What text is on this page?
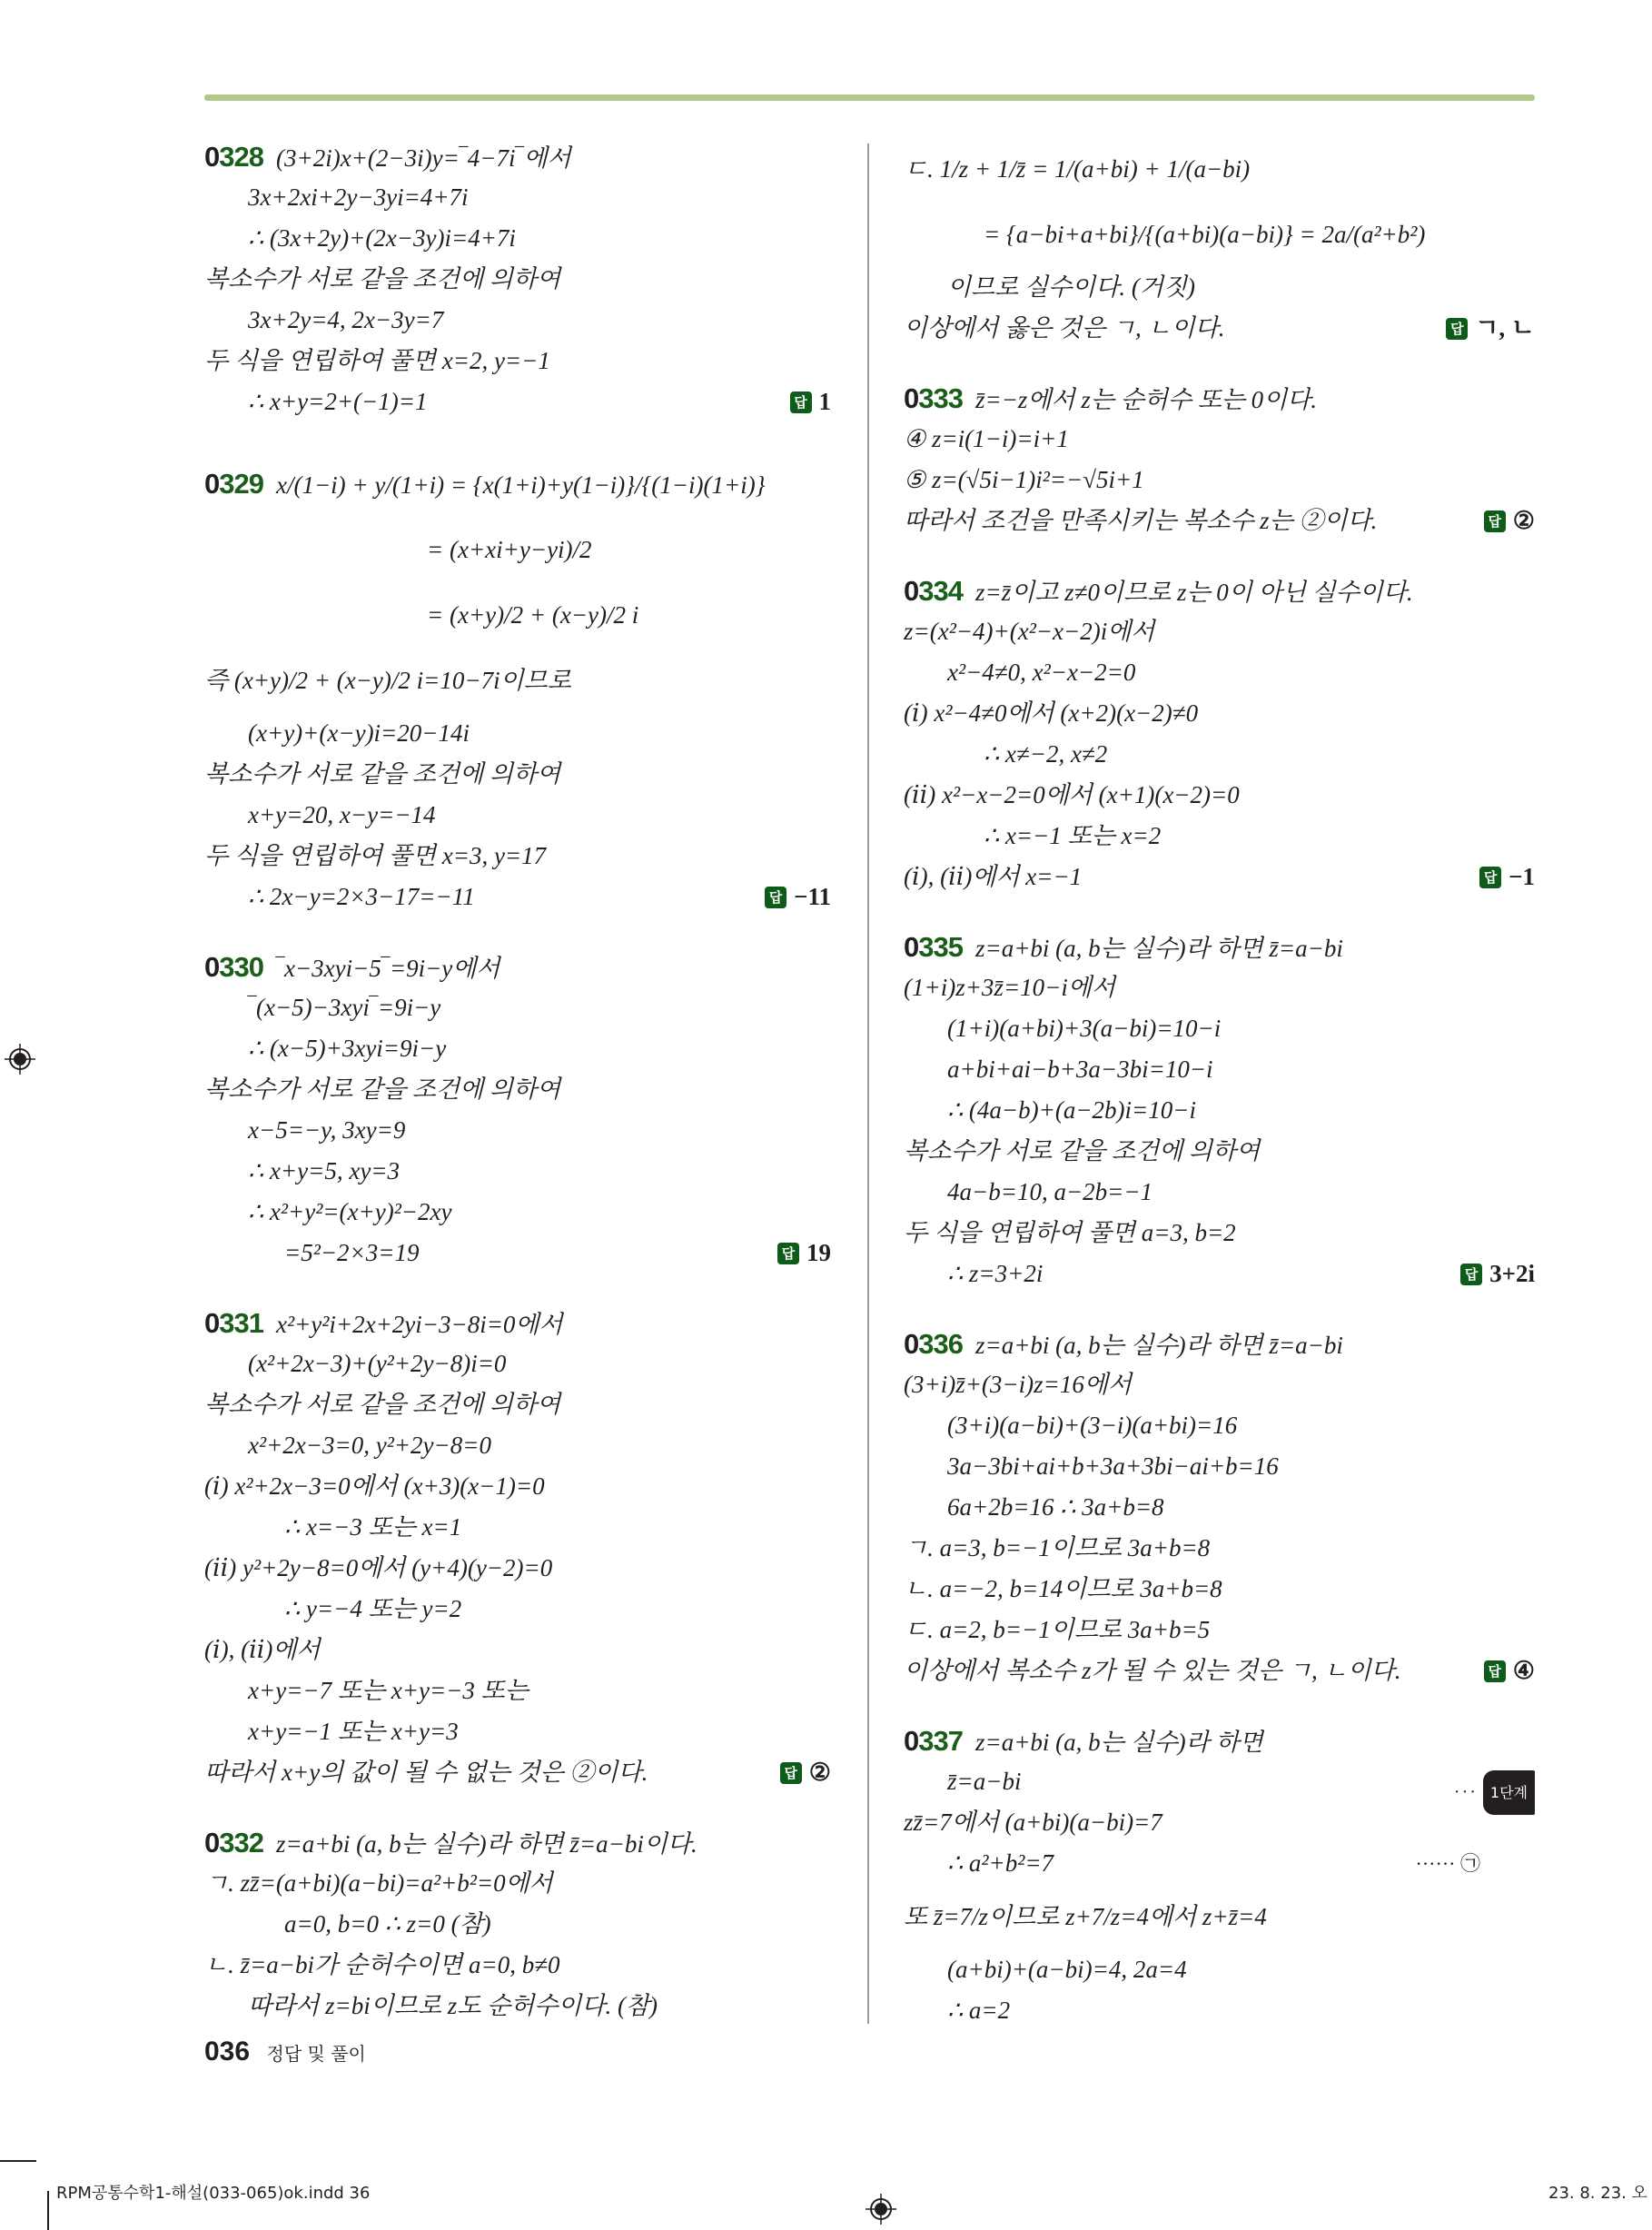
0328 (3+2i)x+(2−3i)y=‾4−7i‾에서
3x+2xi+2y−3yi=4+7i
∴ (3x+2y)+(2x−3y)i=4+7i
복소수가 서로 같을 조건에 의하여
3x+2y=4, 2x−3y=7
두 식을 연립하여 풀면 x=2, y=−1
∴ x+y=2+(−1)=1	답 1
0329 x/(1−i) + y/(1+i) = {x(1+i)+y(1−i)}/{(1−i)(1+i)}
= (x+xi+y−yi)/2
= (x+y)/2 + (x−y)/2 i
즉 (x+y)/2 + (x−y)/2 i=10−7i이므로
(x+y)+(x−y)i=20−14i
복소수가 서로 같을 조건에 의하여
x+y=20, x−y=−14
두 식을 연립하여 풀면 x=3, y=17
∴ 2x−y=2×3−17=−11	답 −11
0330 ‾x−3xyi−5‾=9i−y에서
‾(x−5)−3xyi‾=9i−y
∴ (x−5)+3xyi=9i−y
복소수가 서로 같을 조건에 의하여
x−5=−y, 3xy=9
∴ x+y=5, xy=3
∴ x²+y²=(x+y)²−2xy
=5²−2×3=19	답 19
0331 x²+y²i+2x+2yi−3−8i=0에서
(x²+2x−3)+(y²+2y−8)i=0
복소수가 서로 같을 조건에 의하여
x²+2x−3=0, y²+2y−8=0
(ⅰ) x²+2x−3=0에서 (x+3)(x−1)=0
∴ x=−3 또는 x=1
(ⅱ) y²+2y−8=0에서 (y+4)(y−2)=0
∴ y=−4 또는 y=2
(ⅰ), (ⅱ)에서
x+y=−7 또는 x+y=−3 또는
x+y=−1 또는 x+y=3
따라서 x+y의 값이 될 수 없는 것은 ②이다.	답 ②
0332 z=a+bi (a, b는 실수)라 하면 z̄=a−bi이다.
ㄱ. zz̄=(a+bi)(a−bi)=a²+b²=0에서
a=0, b=0 ∴ z=0 (참)
ㄴ. z̄=a−bi가 순허수이면 a=0, b≠0
따라서 z=bi이므로 z도 순허수이다. (참)
ㄷ. 1/z + 1/z̄ = 1/(a+bi) + 1/(a−bi)
= {a−bi+a+bi}/{(a+bi)(a−bi)} = 2a/(a²+b²)
이므로 실수이다. (거짓)
이상에서 옳은 것은 ㄱ, ㄴ이다.	답 ㄱ, ㄴ
0333 z̄=−z에서 z는 순허수 또는 0이다.
④ z=i(1−i)=i+1
⑤ z=(√5i−1)i²=−√5i+1
따라서 조건을 만족시키는 복소수 z는 ②이다.	답 ②
0334 z=z̄이고 z≠0이므로 z는 0이 아닌 실수이다.
z=(x²−4)+(x²−x−2)i에서
x²−4≠0, x²−x−2=0
(ⅰ) x²−4≠0에서 (x+2)(x−2)≠0
∴ x≠−2, x≠2
(ⅱ) x²−x−2=0에서 (x+1)(x−2)=0
∴ x=−1 또는 x=2
(ⅰ), (ⅱ)에서 x=−1	답 −1
0335 z=a+bi (a, b는 실수)라 하면 z̄=a−bi
(1+i)z+3z̄=10−i에서
(1+i)(a+bi)+3(a−bi)=10−i
a+bi+ai−b+3a−3bi=10−i
∴ (4a−b)+(a−2b)i=10−i
복소수가 서로 같을 조건에 의하여
4a−b=10, a−2b=−1
두 식을 연립하여 풀면 a=3, b=2
∴ z=3+2i	답 3+2i
0336 z=a+bi (a, b는 실수)라 하면 z̄=a−bi
(3+i)z̄+(3−i)z=16에서
(3+i)(a−bi)+(3−i)(a+bi)=16
3a−3bi+ai+b+3a+3bi−ai+b=16
6a+2b=16 ∴ 3a+b=8
ㄱ. a=3, b=−1이므로 3a+b=8
ㄴ. a=−2, b=14이므로 3a+b=8
ㄷ. a=2, b=−1이므로 3a+b=5
이상에서 복소수 z가 될 수 있는 것은 ㄱ, ㄴ이다.	답 ④
0337 z=a+bi (a, b는 실수)라 하면
z̄=a−bi	··· 1단계
zz̄=7에서 (a+bi)(a−bi)=7
∴ a²+b²=7	······ ㉠
또 z̄=7/z이므로 z+7/z=4에서 z+z̄=4
(a+bi)+(a−bi)=4, 2a=4
∴ a=2
036 정답 및 풀이
RPM공통수학1-해설(033-065)ok.indd 36	23. 8. 23. 오
